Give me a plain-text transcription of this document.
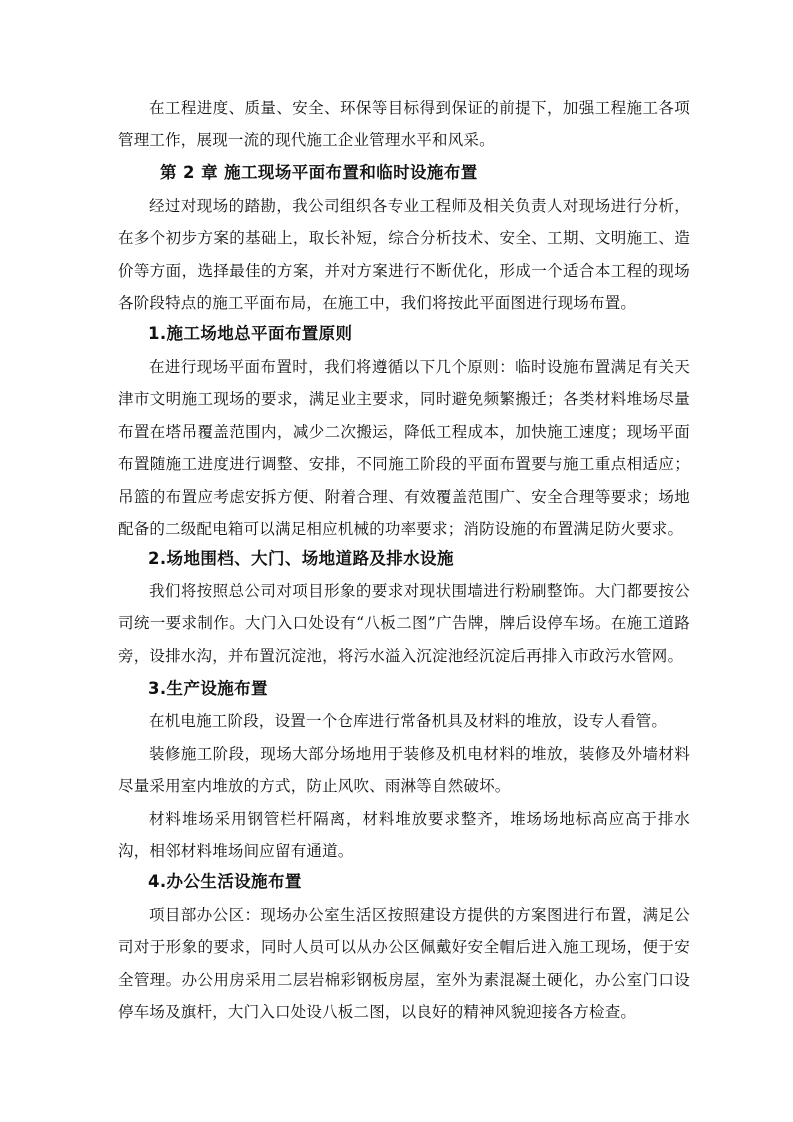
在工程进度、质量、安全、环保等目标得到保证的前提下，加强工程施工各项管理工作，展现一流的现代施工企业管理水平和风采。

第 2 章 施工现场平面布置和临时设施布置

经过对现场的踏勘，我公司组织各专业工程师及相关负责人对现场进行分析，在多个初步方案的基础上，取长补短，综合分析技术、安全、工期、文明施工、造价等方面，选择最佳的方案，并对方案进行不断优化，形成一个适合本工程的现场各阶段特点的施工平面布局，在施工中，我们将按此平面图进行现场布置。

1.施工场地总平面布置原则

在进行现场平面布置时，我们将遵循以下几个原则：临时设施布置满足有关天津市文明施工现场的要求，满足业主要求，同时避免频繁搬迁；各类材料堆场尽量布置在塔吊覆盖范围内，减少二次搬运，降低工程成本，加快施工速度；现场平面布置随施工进度进行调整、安排，不同施工阶段的平面布置要与施工重点相适应；吊篮的布置应考虑安拆方便、附着合理、有效覆盖范围广、安全合理等要求；场地配备的二级配电箱可以满足相应机械的功率要求；消防设施的布置满足防火要求。

2.场地围档、大门、场地道路及排水设施

我们将按照总公司对项目形象的要求对现状围墙进行粉刷整饰。大门都要按公司统一要求制作。大门入口处设有“八板二图”广告牌，牌后设停车场。在施工道路旁，设排水沟，并布置沉淀池，将污水溢入沉淀池经沉淀后再排入市政污水管网。

3.生产设施布置

在机电施工阶段，设置一个仓库进行常备机具及材料的堆放，设专人看管。

装修施工阶段，现场大部分场地用于装修及机电材料的堆放，装修及外墙材料尽量采用室内堆放的方式，防止风吹、雨淋等自然破坏。

材料堆场采用钢管栏杆隔离，材料堆放要求整齐，堆场场地标高应高于排水沟，相邻材料堆场间应留有通道。

4.办公生活设施布置

项目部办公区：现场办公室生活区按照建设方提供的方案图进行布置，满足公司对于形象的要求，同时人员可以从办公区佩戴好安全帽后进入施工现场，便于安全管理。办公用房采用二层岩棉彩钢板房屋，室外为素混凝土硬化，办公室门口设停车场及旗杆，大门入口处设八板二图，以良好的精神风貌迎接各方检查。
